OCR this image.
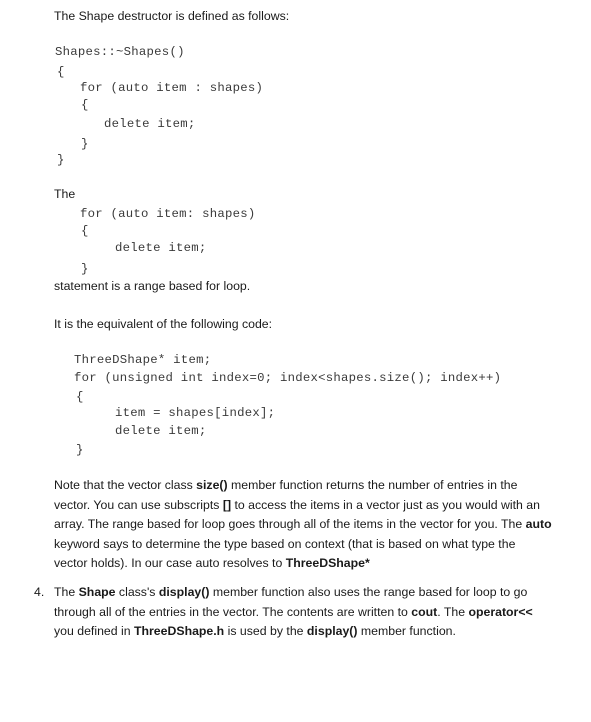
The Shape destructor is defined as follows:
Shapes::~Shapes()
{
for (auto item : shapes)
{
delete item;
}
}
The
for (auto item: shapes)
{
delete item;
}
statement is a range based for loop.
It is the equivalent of the following code:
ThreeDShape* item;
for (unsigned int index=0; index<shapes.size(); index++)
{
item = shapes[index];
delete item;
}
Note that the vector class size() member function returns the number of entries in the
vector. You can use subscripts [] to access the items in a vector just as you would with an
array. The range based for loop goes through all of the items in the vector for you. The auto
keyword says to determine the type based on context (that is based on what type the
vector holds). In our case auto resolves to ThreeDShape*
4. The Shape class's display() member function also uses the range based for loop to go
through all of the entries in the vector. The contents are written to cout. The operator<<
you defined in ThreeDShape.h is used by the display() member function.
